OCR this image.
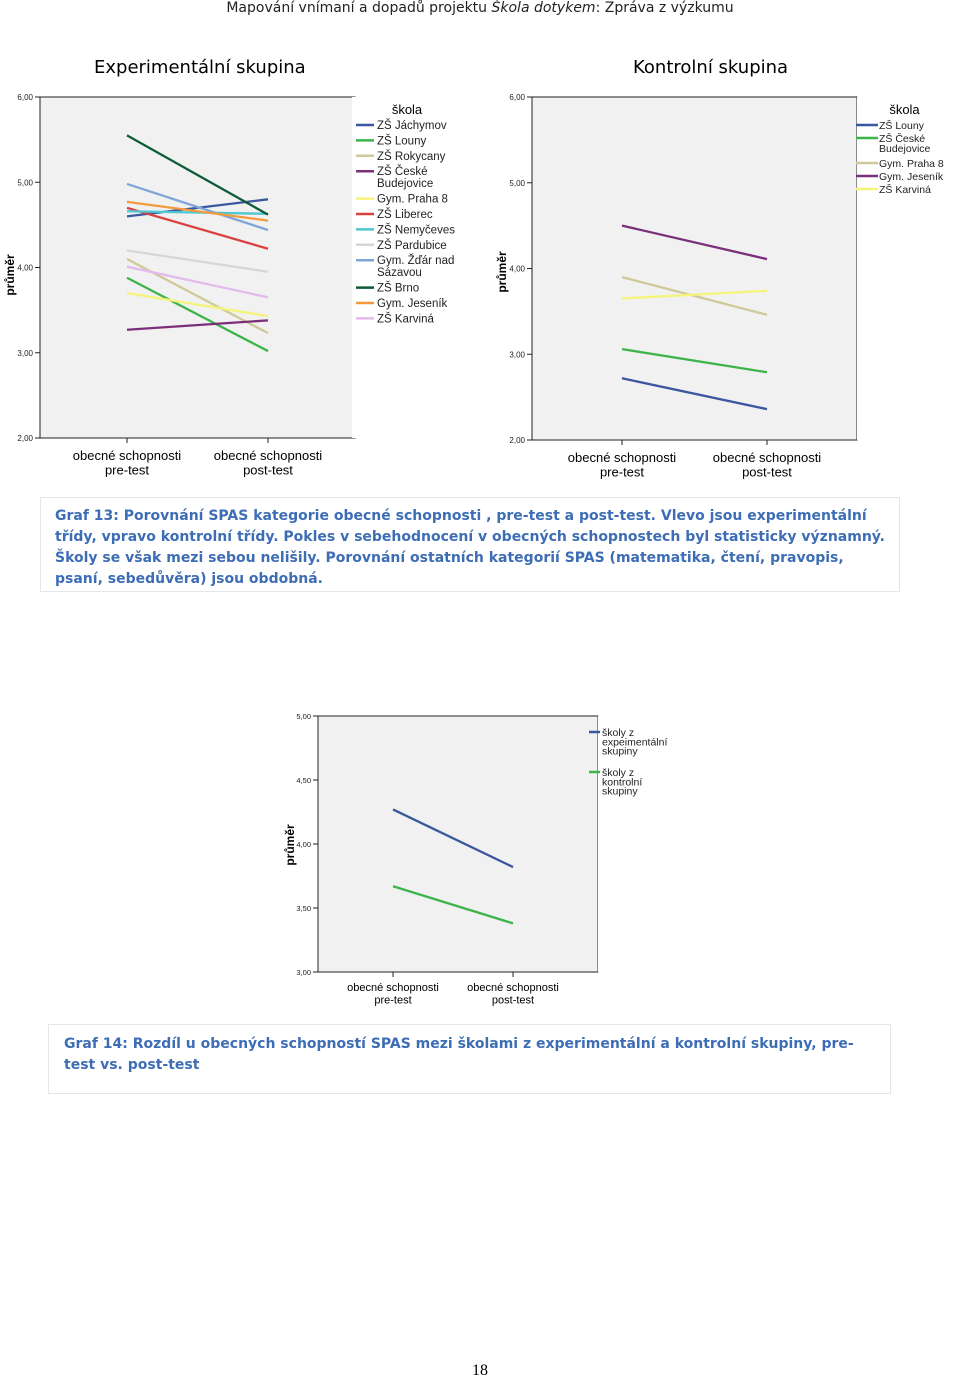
Mapování vnímaní a dopadů projektu Škola dotykem: Zpráva z výzkumu
Experimentální skupina	Kontrolní skupina
2,00
3,00
4,00
5,00
6,00
průměr
obecné schopnosti
pre-test
obecné schopnosti
post-test
škola
ZŠ Jáchymov
ZŠ Louny
ZŠ Rokycany
ZŠ České
Budejovice
Gym. Praha 8
ZŠ Liberec
ZŠ Nemyčeves
ZŠ Pardubice
Gym. Žďár nad
Sázavou
ZŠ Brno
Gym. Jeseník
ZŠ Karviná
2,00
3,00
4,00
5,00
6,00
průměr
obecné schopnosti
pre-test
obecné schopnosti
post-test
škola
ZŠ Louny
ZŠ České
Budejovice
Gym. Praha 8
Gym. Jeseník
ZŠ Karviná
3,00
3,50
4,00
4,50
5,00
průměr
obecné schopnosti
pre-test
obecné schopnosti
post-test
školy z
expeimentální
skupiny
školy z
kontrolní
skupiny
Graf 13: Porovnání SPAS kategorie obecné schopnosti , pre-test a post-test. Vlevo jsou experimentální třídy, vpravo kontrolní třídy. Pokles v sebehodnocení v obecných schopnostech byl statisticky významný. Školy se však mezi sebou nelišily. Porovnání ostatních kategorií SPAS (matematika, čtení, pravopis, psaní, sebedůvěra) jsou obdobná.
Graf 14: Rozdíl u obecných schopností SPAS mezi školami z experimentální a kontrolní skupiny, pre-test vs. post-test
18
